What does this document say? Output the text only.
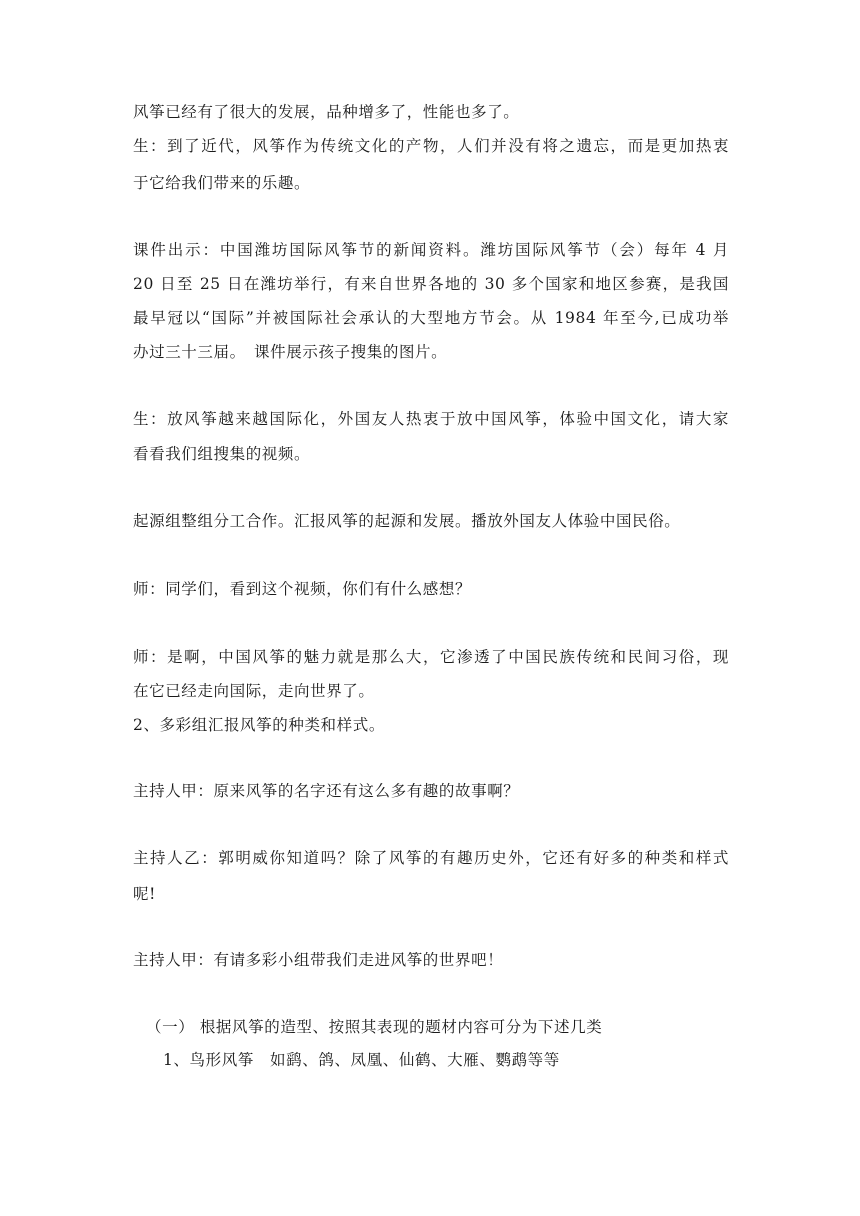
风筝已经有了很大的发展，品种增多了，性能也多了。
生：到了近代，风筝作为传统文化的产物，人们并没有将之遗忘，而是更加热衷
于它给我们带来的乐趣。
课件出示：中国潍坊国际风筝节的新闻资料。潍坊国际风筝节（会）每年 4 月
20 日至 25 日在潍坊举行，有来自世界各地的 30 多个国家和地区参赛，是我国
最早冠以“国际”并被国际社会承认的大型地方节会。从 1984 年至今,已成功举
办过三十三届。　课件展示孩子搜集的图片。
生：放风筝越来越国际化，外国友人热衷于放中国风筝，体验中国文化，请大家
看看我们组搜集的视频。
起源组整组分工合作。汇报风筝的起源和发展。播放外国友人体验中国民俗。
师：同学们，看到这个视频，你们有什么感想？
师：是啊，中国风筝的魅力就是那么大，它渗透了中国民族传统和民间习俗，现
在它已经走向国际，走向世界了。
2、多彩组汇报风筝的种类和样式。
主持人甲：原来风筝的名字还有这么多有趣的故事啊？
主持人乙：郭明威你知道吗？除了风筝的有趣历史外，它还有好多的种类和样式
呢!
主持人甲：有请多彩小组带我们走进风筝的世界吧！
（一） 根据风筝的造型、按照其表现的题材内容可分为下述几类
1、鸟形风筝　如鹞、鸽、凤凰、仙鹤、大雁、鹦鹉等等
